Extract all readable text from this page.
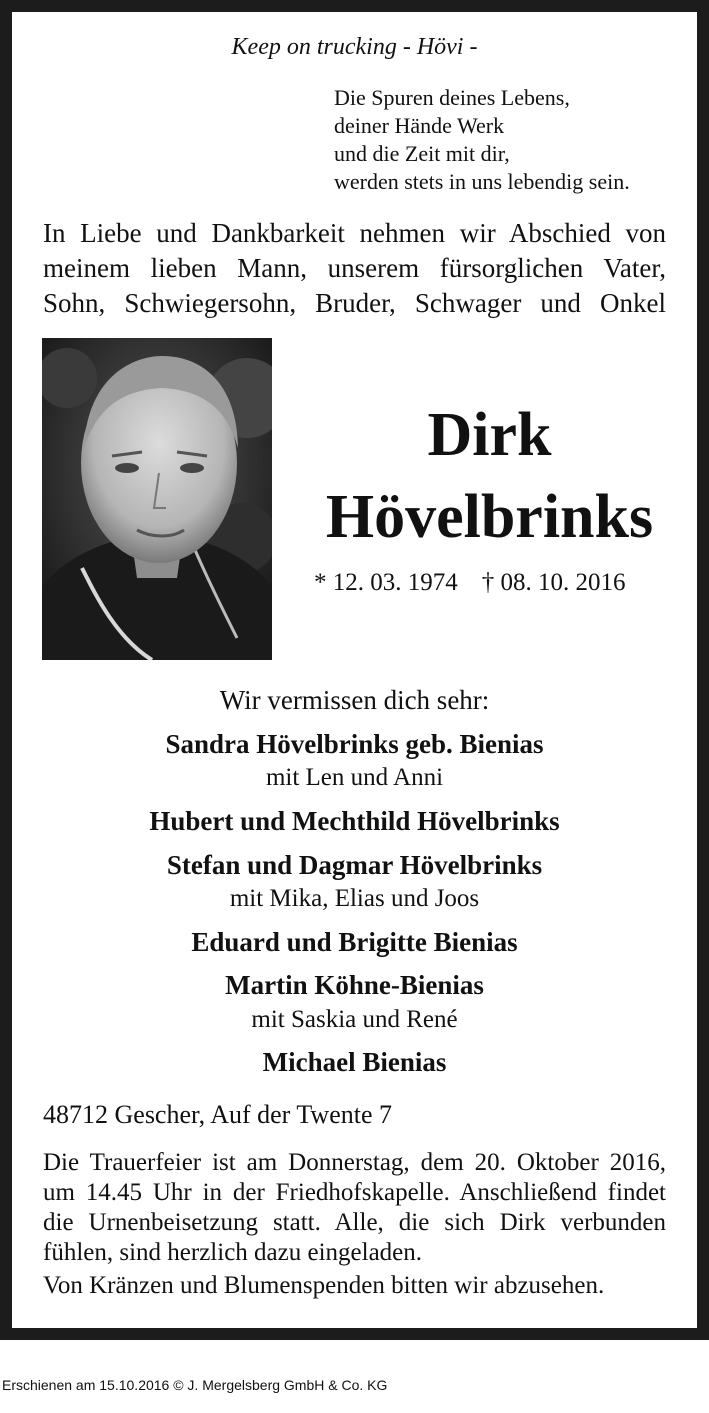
Keep on trucking - Hövi -
Die Spuren deines Lebens,
deiner Hände Werk
und die Zeit mit dir,
werden stets in uns lebendig sein.
In Liebe und Dankbarkeit nehmen wir Abschied von
meinem lieben Mann, unserem fürsorglichen Vater,
Sohn, Schwiegersohn, Bruder, Schwager und Onkel
Dirk
Hövelbrinks
* 12. 03. 1974 † 08. 10. 2016
Wir vermissen dich sehr:
Sandra Hövelbrinks geb. Bienias
mit Len und Anni
Hubert und Mechthild Hövelbrinks
Stefan und Dagmar Hövelbrinks
mit Mika, Elias und Joos
Eduard und Brigitte Bienias
Martin Köhne-Bienias
mit Saskia und René
Michael Bienias
48712 Gescher, Auf der Twente 7
Die Trauerfeier ist am Donnerstag, dem 20. Oktober 2016,
um 14.45 Uhr in der Friedhofskapelle. Anschließend findet
die Urnenbeisetzung statt. Alle, die sich Dirk verbunden
fühlen, sind herzlich dazu eingeladen.
Von Kränzen und Blumenspenden bitten wir abzusehen.
Erschienen am 15.10.2016 © J. Mergelsberg GmbH & Co. KG
